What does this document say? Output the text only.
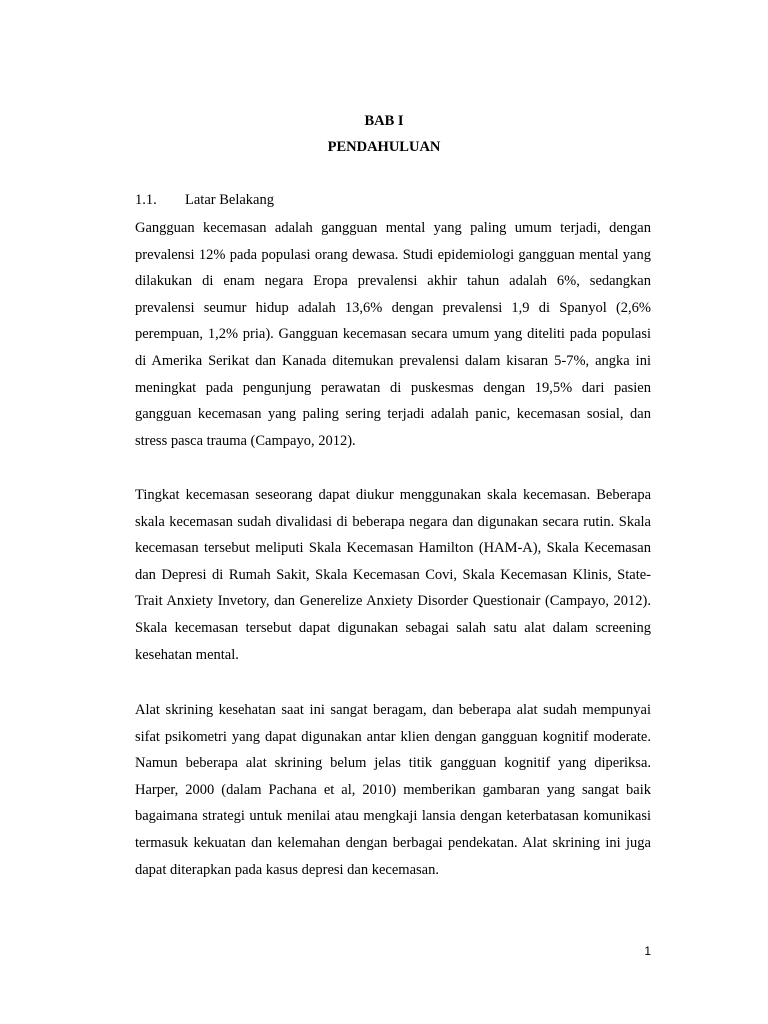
BAB I
PENDAHULUAN
1.1. Latar Belakang

Gangguan kecemasan adalah gangguan mental yang paling umum terjadi, dengan prevalensi 12% pada populasi orang dewasa. Studi epidemiologi gangguan mental yang dilakukan di enam negara Eropa prevalensi akhir tahun adalah 6%, sedangkan prevalensi seumur hidup adalah 13,6% dengan prevalensi 1,9 di Spanyol (2,6% perempuan, 1,2% pria). Gangguan kecemasan secara umum yang diteliti pada populasi di Amerika Serikat dan Kanada ditemukan prevalensi dalam kisaran 5-7%, angka ini meningkat pada pengunjung perawatan di puskesmas dengan 19,5% dari pasien gangguan kecemasan yang paling sering terjadi adalah panic, kecemasan sosial, dan stress pasca trauma (Campayo, 2012).

Tingkat kecemasan seseorang dapat diukur menggunakan skala kecemasan. Beberapa skala kecemasan sudah divalidasi di beberapa negara dan digunakan secara rutin. Skala kecemasan tersebut meliputi Skala Kecemasan Hamilton (HAM-A), Skala Kecemasan dan Depresi di Rumah Sakit, Skala Kecemasan Covi, Skala Kecemasan Klinis, State- Trait Anxiety Invetory, dan Generelize Anxiety Disorder Questionair (Campayo, 2012). Skala kecemasan tersebut dapat digunakan sebagai salah satu alat dalam screening kesehatan mental.

Alat skrining kesehatan saat ini sangat beragam, dan beberapa alat sudah mempunyai sifat psikometri yang dapat digunakan antar klien dengan gangguan kognitif moderate. Namun beberapa alat skrining belum jelas titik gangguan kognitif yang diperiksa. Harper, 2000 (dalam Pachana et al, 2010) memberikan gambaran yang sangat baik bagaimana strategi untuk menilai atau mengkaji lansia dengan keterbatasan komunikasi termasuk kekuatan dan kelemahan dengan berbagai pendekatan. Alat skrining ini juga dapat diterapkan pada kasus depresi dan kecemasan.

1
